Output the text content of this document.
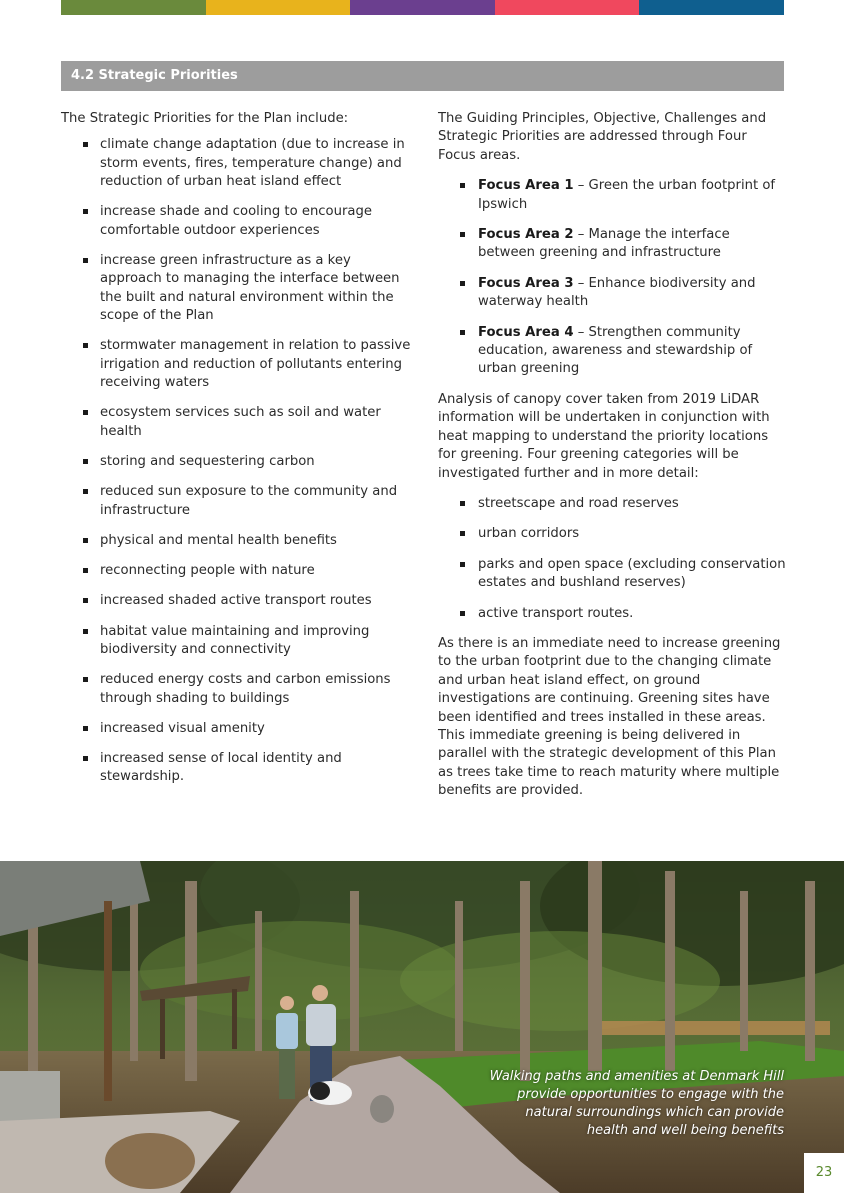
4.2 Strategic Priorities

The Strategic Priorities for the Plan include:

climate change adaptation (due to increase in storm events, fires, temperature change) and reduction of urban heat island effect
increase shade and cooling to encourage comfortable outdoor experiences
increase green infrastructure as a key approach to managing the interface between the built and natural environment within the scope of the Plan
stormwater management in relation to passive irrigation and reduction of pollutants entering receiving waters
ecosystem services such as soil and water health
storing and sequestering carbon
reduced sun exposure to the community and infrastructure
physical and mental health benefits
reconnecting people with nature
increased shaded active transport routes
habitat value maintaining and improving biodiversity and connectivity
reduced energy costs and carbon emissions through shading to buildings
increased visual amenity
increased sense of local identity and stewardship.

The Guiding Principles, Objective, Challenges and Strategic Priorities are addressed through Four Focus areas.

Focus Area 1 – Green the urban footprint of Ipswich
Focus Area 2 – Manage the interface between greening and infrastructure
Focus Area 3 – Enhance biodiversity and waterway health
Focus Area 4 – Strengthen community education, awareness and stewardship of urban greening

Analysis of canopy cover taken from 2019 LiDAR information will be undertaken in conjunction with heat mapping to understand the priority locations for greening. Four greening categories will be investigated further and in more detail:

streetscape and road reserves
urban corridors
parks and open space (excluding conservation estates and bushland reserves)
active transport routes.

As there is an immediate need to increase greening to the urban footprint due to the changing climate and urban heat island effect, on ground investigations are continuing. Greening sites have been identified and trees installed in these areas. This immediate greening is being delivered in parallel with the strategic development of this Plan as trees take time to reach maturity where multiple benefits are provided.

Walking paths and amenities at Denmark Hill provide opportunities to engage with the natural surroundings which can provide health and well being benefits
23
